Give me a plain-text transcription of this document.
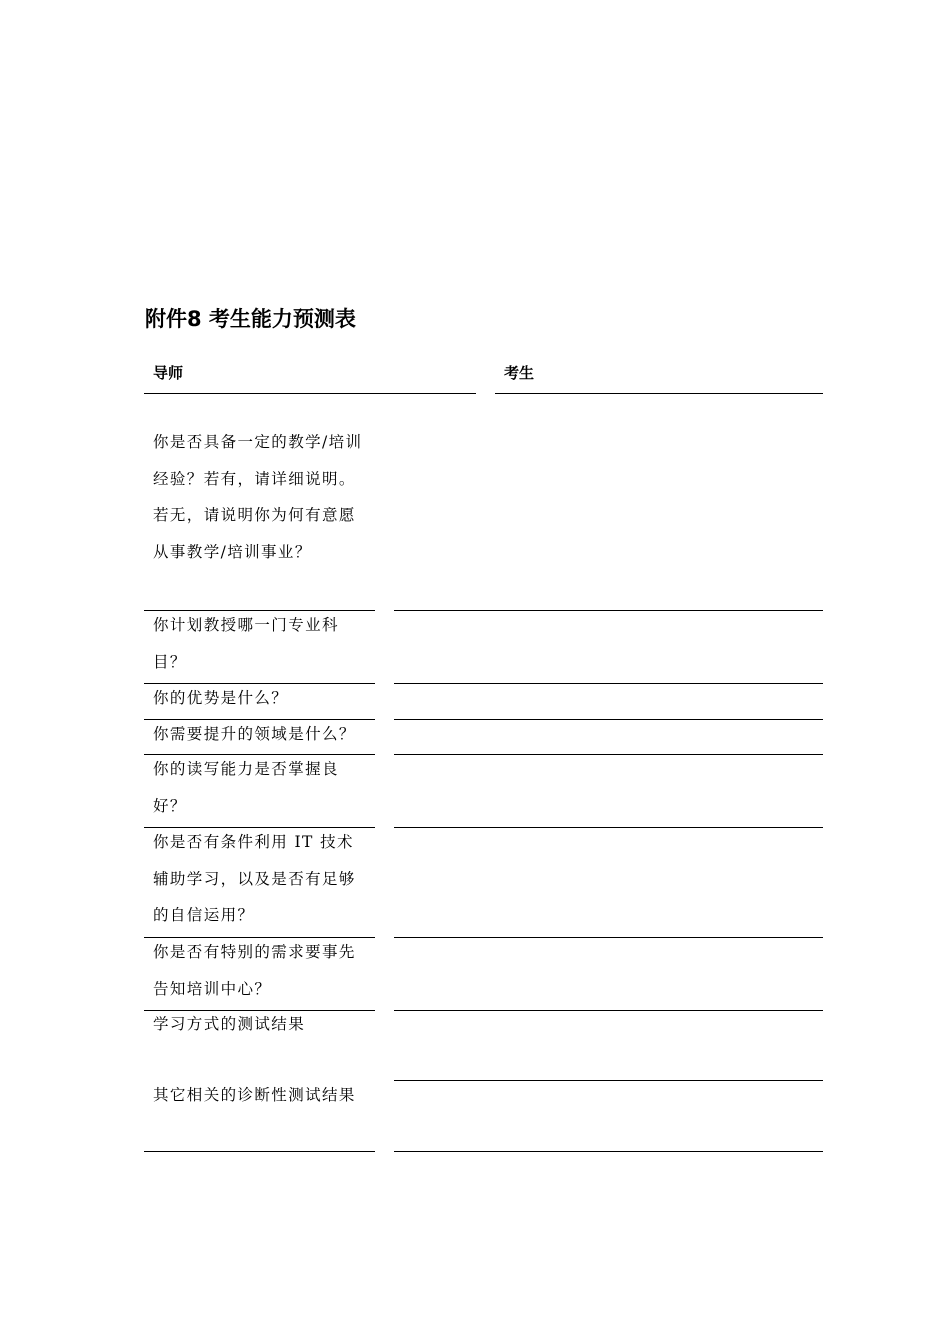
附件8 考生能力预测表
导师	考生

你是否具备一定的教学/培训经验？若有，请详细说明。

若无，请说明你为何有意愿从事教学/培训事业？

你计划教授哪一门专业科目？

你的优势是什么？

你需要提升的领域是什么？

你的读写能力是否掌握良好？

你是否有条件利用 IT 技术辅助学习，以及是否有足够的自信运用？

你是否有特别的需求要事先告知培训中心？

学习方式的测试结果

其它相关的诊断性测试结果
